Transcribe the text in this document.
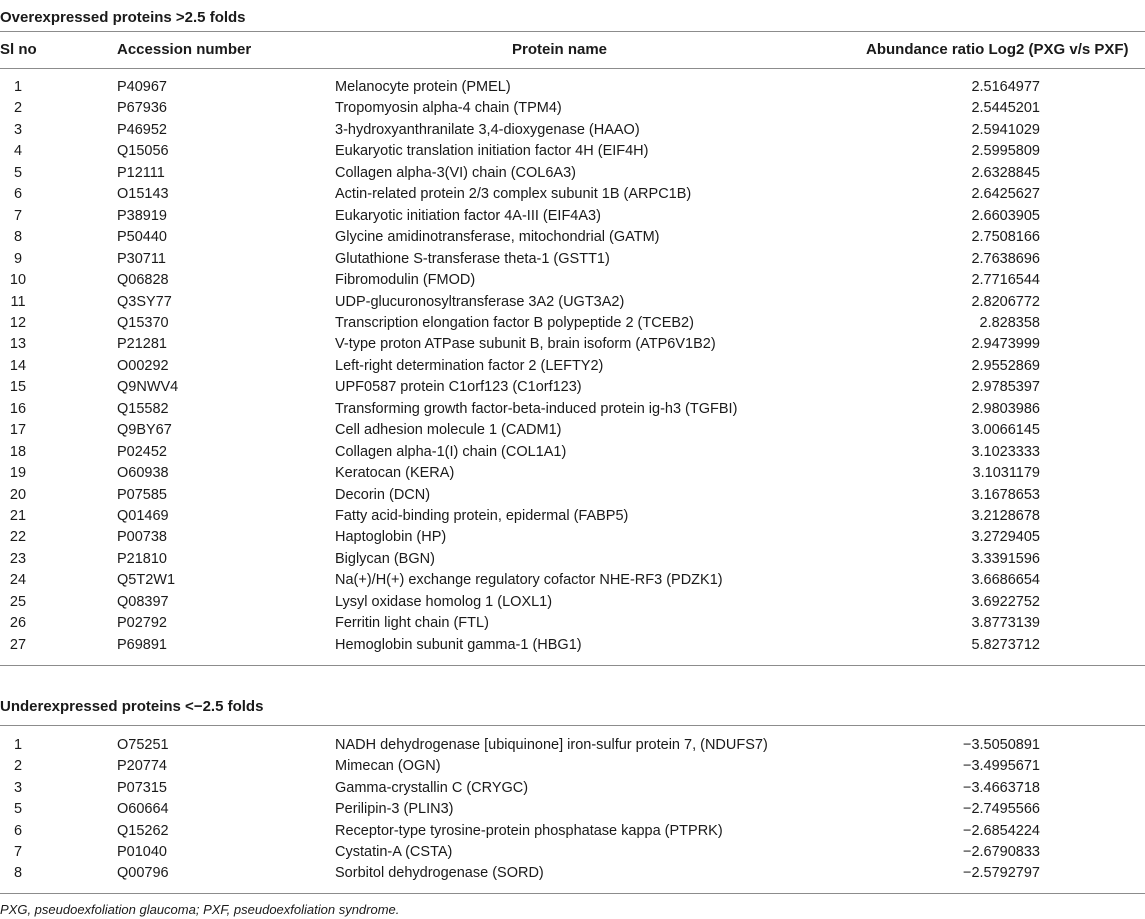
Overexpressed proteins >2.5 folds
Sl no	Accession number	Protein name	Abundance ratio Log2 (PXG v/s PXF)
1	P40967	Melanocyte protein (PMEL)	2.5164977
2	P67936	Tropomyosin alpha-4 chain (TPM4)	2.5445201
3	P46952	3-hydroxyanthranilate 3,4-dioxygenase (HAAO)	2.5941029
4	Q15056	Eukaryotic translation initiation factor 4H (EIF4H)	2.5995809
5	P12111	Collagen alpha-3(VI) chain (COL6A3)	2.6328845
6	O15143	Actin-related protein 2/3 complex subunit 1B (ARPC1B)	2.6425627
7	P38919	Eukaryotic initiation factor 4A-III (EIF4A3)	2.6603905
8	P50440	Glycine amidinotransferase, mitochondrial (GATM)	2.7508166
9	P30711	Glutathione S-transferase theta-1 (GSTT1)	2.7638696
10	Q06828	Fibromodulin (FMOD)	2.7716544
11	Q3SY77	UDP-glucuronosyltransferase 3A2 (UGT3A2)	2.8206772
12	Q15370	Transcription elongation factor B polypeptide 2 (TCEB2)	2.828358
13	P21281	V-type proton ATPase subunit B, brain isoform (ATP6V1B2)	2.9473999
14	O00292	Left-right determination factor 2 (LEFTY2)	2.9552869
15	Q9NWV4	UPF0587 protein C1orf123 (C1orf123)	2.9785397
16	Q15582	Transforming growth factor-beta-induced protein ig-h3 (TGFBI)	2.9803986
17	Q9BY67	Cell adhesion molecule 1 (CADM1)	3.0066145
18	P02452	Collagen alpha-1(I) chain (COL1A1)	3.1023333
19	O60938	Keratocan (KERA)	3.1031179
20	P07585	Decorin (DCN)	3.1678653
21	Q01469	Fatty acid-binding protein, epidermal (FABP5)	3.2128678
22	P00738	Haptoglobin (HP)	3.2729405
23	P21810	Biglycan (BGN)	3.3391596
24	Q5T2W1	Na(+)/H(+) exchange regulatory cofactor NHE-RF3 (PDZK1)	3.6686654
25	Q08397	Lysyl oxidase homolog 1 (LOXL1)	3.6922752
26	P02792	Ferritin light chain (FTL)	3.8773139
27	P69891	Hemoglobin subunit gamma-1 (HBG1)	5.8273712
Underexpressed proteins <−2.5 folds
1	O75251	NADH dehydrogenase [ubiquinone] iron-sulfur protein 7, (NDUFS7)	−3.5050891
2	P20774	Mimecan (OGN)	−3.4995671
3	P07315	Gamma-crystallin C (CRYGC)	−3.4663718
5	O60664	Perilipin-3 (PLIN3)	−2.7495566
6	Q15262	Receptor-type tyrosine-protein phosphatase kappa (PTPRK)	−2.6854224
7	P01040	Cystatin-A (CSTA)	−2.6790833
8	Q00796	Sorbitol dehydrogenase (SORD)	−2.5792797
PXG, pseudoexfoliation glaucoma; PXF, pseudoexfoliation syndrome.
